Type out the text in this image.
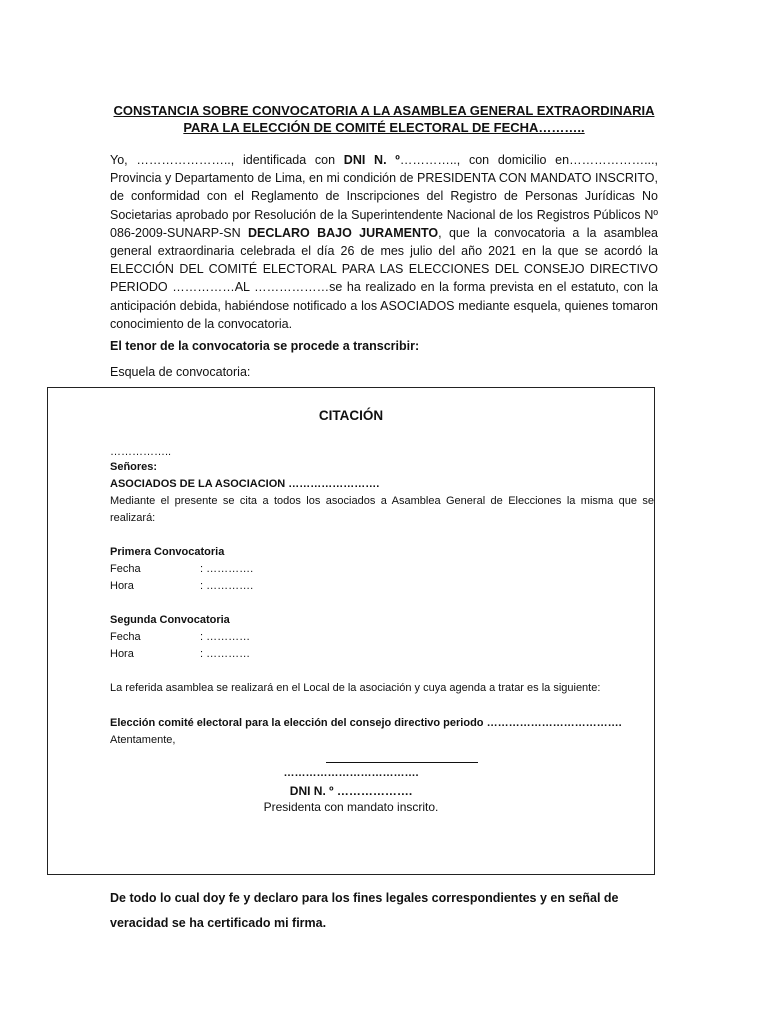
CONSTANCIA SOBRE CONVOCATORIA A LA ASAMBLEA GENERAL EXTRAORDINARIA PARA LA ELECCIÓN DE COMITÉ ELECTORAL DE FECHA………..

Yo, ………………….., identificada con DNI N. º………….., con domicilio en………………..., Provincia y Departamento de Lima, en mi condición de PRESIDENTA CON MANDATO INSCRITO, de conformidad con el Reglamento de Inscripciones del Registro de Personas Jurídicas No Societarias aprobado por Resolución de la Superintendente Nacional de los Registros Públicos Nº 086-2009-SUNARP-SN DECLARO BAJO JURAMENTO, que la convocatoria a la asamblea general extraordinaria celebrada el día 26 de mes julio del año 2021 en la que se acordó la ELECCIÓN DEL COMITÉ ELECTORAL PARA LAS ELECCIONES DEL CONSEJO DIRECTIVO PERIODO ……………AL ………………se ha realizado en la forma prevista en el estatuto, con la anticipación debida, habiéndose notificado a los ASOCIADOS mediante esquela, quienes tomaron conocimiento de la convocatoria.

El tenor de la convocatoria se procede a transcribir:
Esquela de convocatoria:
CITACIÓN
……………..
Señores:
ASOCIADOS DE LA ASOCIACION …………………….
Mediante el presente se cita a todos los asociados a Asamblea General de Elecciones la misma que se realizará:
Primera Convocatoria
Fecha	: ………….
Hora	: ………….
Segunda Convocatoria
Fecha	: …………
Hora	: …………
La referida asamblea se realizará en el Local de la asociación y cuya agenda a tratar es la siguiente:
Elección comité electoral para la elección del consejo directivo periodo ……………………………….
Atentamente,
……………………………….
DNI N. º ……………….
Presidenta con mandato inscrito.
De todo lo cual doy fe y declaro para los fines legales correspondientes y en señal de veracidad se ha certificado mi firma.
